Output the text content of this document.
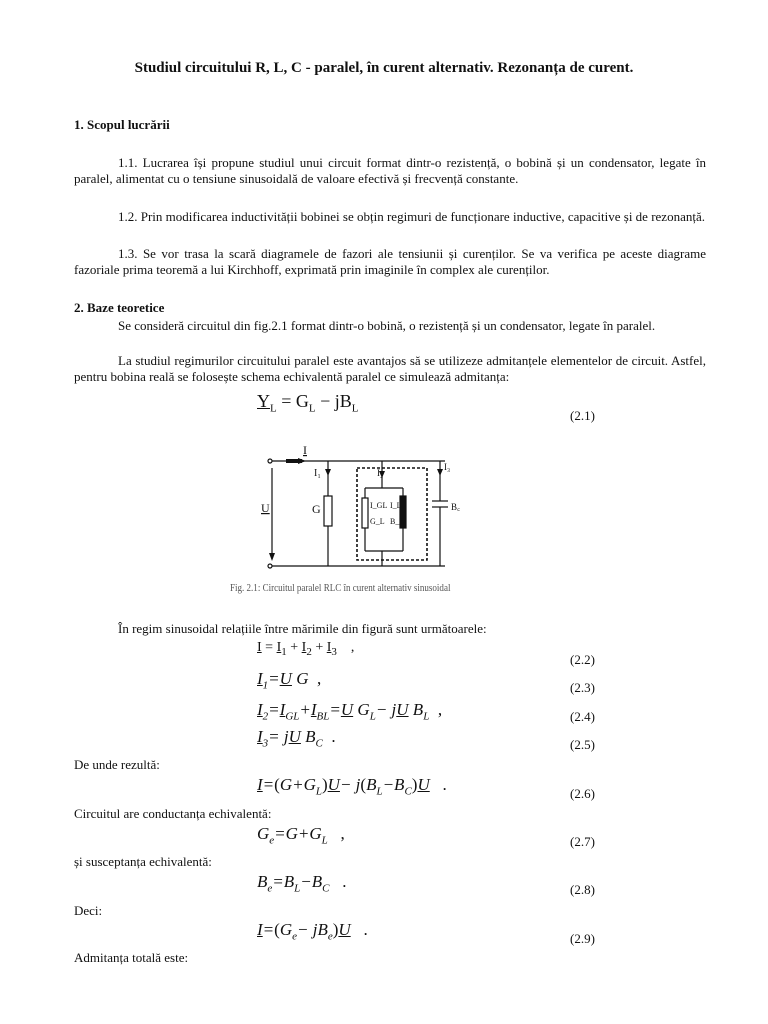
Studiul circuitului R, L, C - paralel, în curent alternativ. Rezonanța de curent.
1. Scopul lucrării
1.1. Lucrarea își propune studiul unui circuit format dintr-o rezistență, o bobină și un condensator, legate în paralel, alimentat cu o tensiune sinusoidală de valoare efectivă și frecvență constante.
1.2. Prin modificarea inductivității bobinei se obțin regimuri de funcționare inductive, capacitive și de rezonanță.
1.3. Se vor trasa la scară diagramele de fazori ale tensiunii și curenților. Se va verifica pe aceste diagrame fazoriale prima teoremă a lui Kirchhoff, exprimată prin imaginile în complex ale curenților.
2. Baze teoretice
Se consideră circuitul din fig.2.1 format dintr-o bobină, o rezistență și un condensator, legate în paralel.
La studiul regimurilor circuitului paralel este avantajos să se utilizeze admitanțele elementelor de circuit. Astfel, pentru bobina reală se folosește schema echivalentă paralel ce simulează admitanța:
$Y_L = G_L - jB_L$	(2.1)
I
U	G
I₁	I₂
I₃
B꜀
I_GL
G_L
I_L
B_L
Fig. 2.1: Circuitul paralel RLC în curent alternativ sinusoidal
În regim sinusoidal relațiile între mărimile din figură sunt următoarele:
$I = I_1 + I_2 + I_3$    ,
(2.2)
$I_1=U$ G  ,	(2.3)
$I_2=I_{GL}+I_{BL}=U$ $G_L-$ jU $B_L$ ,	(2.4)
$I_3=$ jU $B_C$ .	(2.5)
De unde rezultă:
$I=(G+G_L)U- j(B_L-B_C)U$ .	(2.6)
Circuitul are conductanța echivalentă:
$G_e=G+G_L$ ,	(2.7)
și susceptanța echivalentă:
$B_e=B_L-B_C$ .	(2.8)
Deci:
$I=(G_e- jB_e)U$ .	(2.9)
Admitanța totală este:
